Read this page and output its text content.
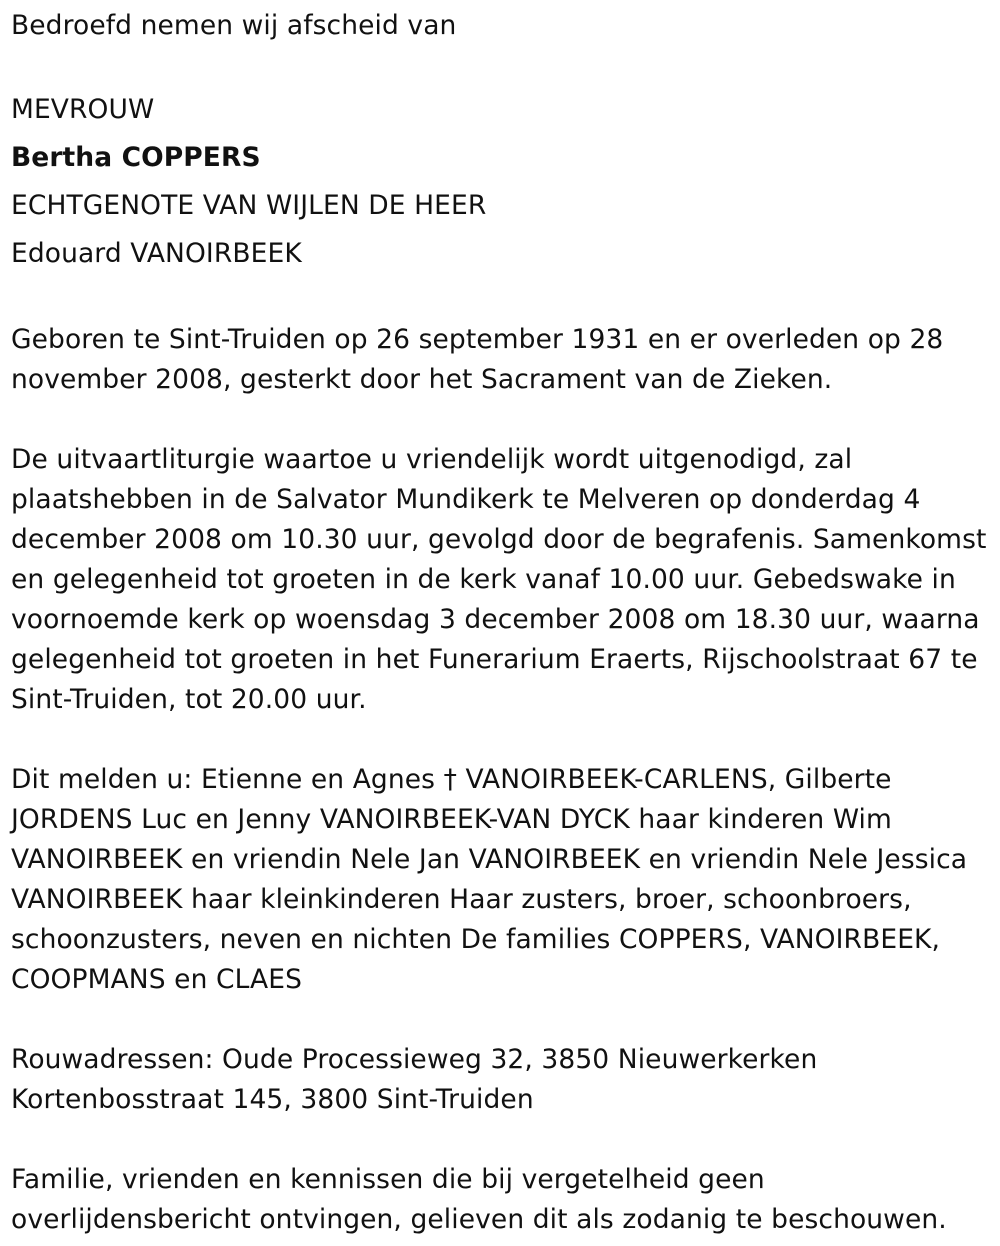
Bedroefd nemen wij afscheid van
MEVROUW
Bertha COPPERS
ECHTGENOTE VAN WIJLEN DE HEER
Edouard VANOIRBEEK
Geboren te Sint-Truiden op 26 september 1931 en er overleden op 28
november 2008, gesterkt door het Sacrament van de Zieken.
De uitvaartliturgie waartoe u vriendelijk wordt uitgenodigd, zal
plaatshebben in de Salvator Mundikerk te Melveren op donderdag 4
december 2008 om 10.30 uur, gevolgd door de begrafenis. Samenkomst
en gelegenheid tot groeten in de kerk vanaf 10.00 uur. Gebedswake in
voornoemde kerk op woensdag 3 december 2008 om 18.30 uur, waarna
gelegenheid tot groeten in het Funerarium Eraerts, Rijschoolstraat 67 te
Sint-Truiden, tot 20.00 uur.
Dit melden u: Etienne en Agnes † VANOIRBEEK-CARLENS, Gilberte
JORDENS Luc en Jenny VANOIRBEEK-VAN DYCK haar kinderen Wim
VANOIRBEEK en vriendin Nele Jan VANOIRBEEK en vriendin Nele Jessica
VANOIRBEEK haar kleinkinderen Haar zusters, broer, schoonbroers,
schoonzusters, neven en nichten De families COPPERS, VANOIRBEEK,
COOPMANS en CLAES
Rouwadressen: Oude Processieweg 32, 3850 Nieuwerkerken
Kortenbosstraat 145, 3800 Sint-Truiden
Familie, vrienden en kennissen die bij vergetelheid geen
overlijdensbericht ontvingen, gelieven dit als zodanig te beschouwen.
